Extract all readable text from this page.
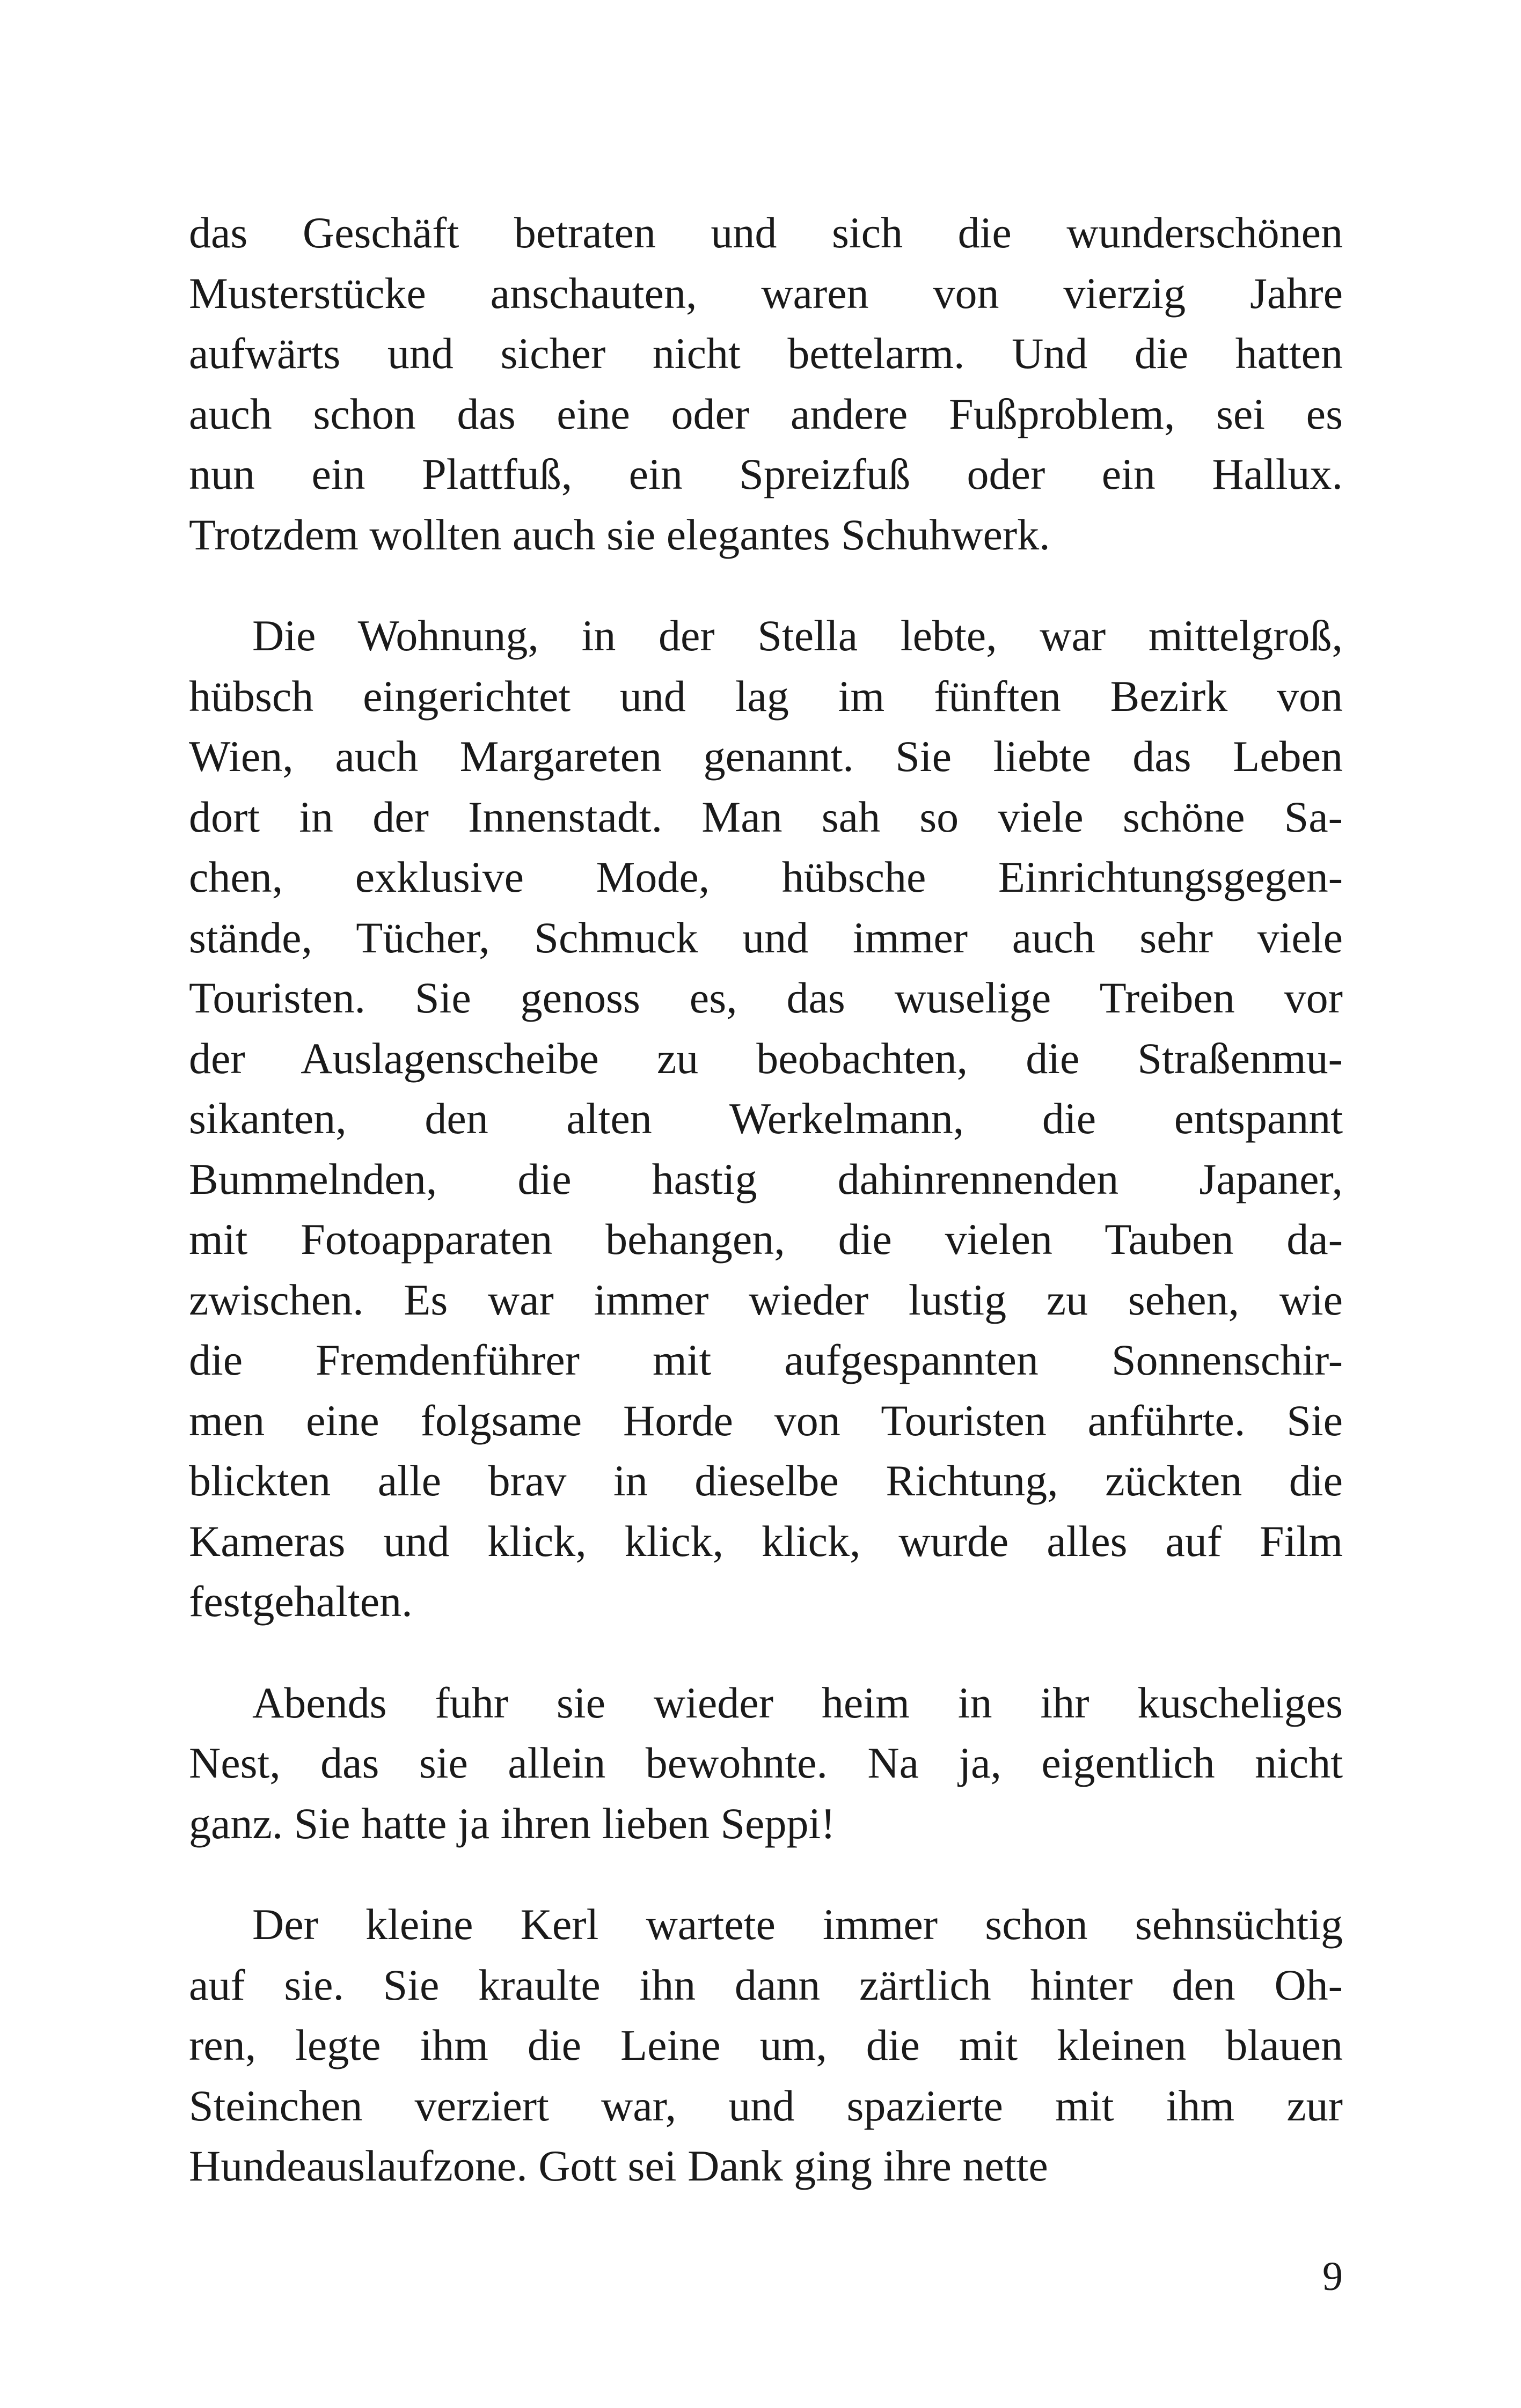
das Geschäft betraten und sich die wunderschönen
Musterstücke anschauten, waren von vierzig Jahre
aufwärts und sicher nicht bettelarm. Und die hatten
auch schon das eine oder andere Fußproblem, sei es
nun ein Plattfuß, ein Spreizfuß oder ein Hallux.
Trotzdem wollten auch sie elegantes Schuhwerk.
Die Wohnung, in der Stella lebte, war mittelgroß,
hübsch eingerichtet und lag im fünften Bezirk von
Wien, auch Margareten genannt. Sie liebte das Leben
dort in der Innenstadt. Man sah so viele schöne Sa-
chen, exklusive Mode, hübsche Einrichtungsgegen-
stände, Tücher, Schmuck und immer auch sehr viele
Touristen. Sie genoss es, das wuselige Treiben vor
der Auslagenscheibe zu beobachten, die Straßenmu-
sikanten, den alten Werkelmann, die entspannt
Bummelnden, die hastig dahinrennenden Japaner,
mit Fotoapparaten behangen, die vielen Tauben da-
zwischen. Es war immer wieder lustig zu sehen, wie
die Fremdenführer mit aufgespannten Sonnenschir-
men eine folgsame Horde von Touristen anführte. Sie
blickten alle brav in dieselbe Richtung, zückten die
Kameras und klick, klick, klick, wurde alles auf Film
festgehalten.
Abends fuhr sie wieder heim in ihr kuscheliges
Nest, das sie allein bewohnte. Na ja, eigentlich nicht
ganz. Sie hatte ja ihren lieben Seppi!
Der kleine Kerl wartete immer schon sehnsüchtig
auf sie. Sie kraulte ihn dann zärtlich hinter den Oh-
ren, legte ihm die Leine um, die mit kleinen blauen
Steinchen verziert war, und spazierte mit ihm zur
Hundeauslaufzone. Gott sei Dank ging ihre nette
9
